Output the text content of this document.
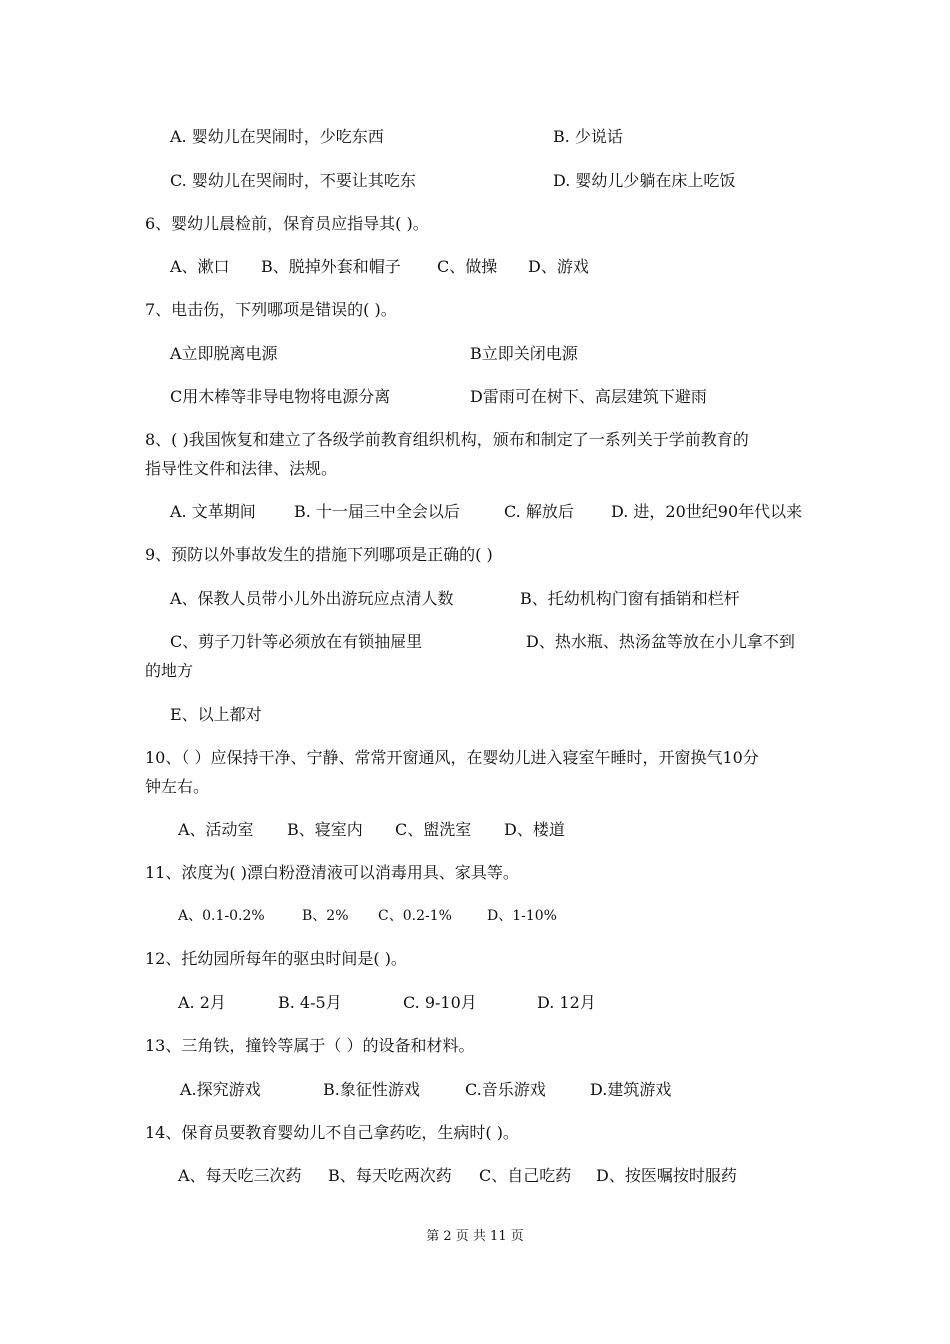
A. 婴幼儿在哭闹时，少吃东西	B. 少说话
C. 婴幼儿在哭闹时，不要让其吃东	D. 婴幼儿少躺在床上吃饭
6、婴幼儿晨检前，保育员应指导其( )。
A、漱口 B、脱掉外套和帽子 C、做操 D、游戏
7、电击伤，下列哪项是错误的( )。
A立即脱离电源	B立即关闭电源
C用木棒等非导电物将电源分离	D雷雨可在树下、高层建筑下避雨
8、( )我国恢复和建立了各级学前教育组织机构，颁布和制定了一系列关于学前教育的
指导性文件和法律、法规。
A. 文革期间 B. 十一届三中全会以后	C. 解放后 D. 进，20世纪90年代以来
9、预防以外事故发生的措施下列哪项是正确的( )
A、保教人员带小儿外出游玩应点清人数	B、托幼机构门窗有插销和栏杆
C、剪子刀针等必须放在有锁抽屉里	D、热水瓶、热汤盆等放在小儿拿不到
的地方
E、以上都对
10、（ ）应保持干净、宁静、常常开窗通风，在婴幼儿进入寝室午睡时，开窗换气10分
钟左右。
A、活动室 B、寝室内 C、盥洗室 D、楼道
11、浓度为( )漂白粉澄清液可以消毒用具、家具等。
A、0.1-0.2%	B、2% C、0.2-1%	D、1-10%
12、托幼园所每年的驱虫时间是( )。
A. 2月	B. 4-5月	C. 9-10月	D. 12月
13、三角铁，撞铃等属于（ ）的设备和材料。
A.探究游戏	B.象征性游戏	C.音乐游戏	D.建筑游戏
14、保育员要教育婴幼儿不自己拿药吃，生病时( )。
A、每天吃三次药 B、每天吃两次药 C、自己吃药 D、按医嘱按时服药
第 2 页 共 11 页
